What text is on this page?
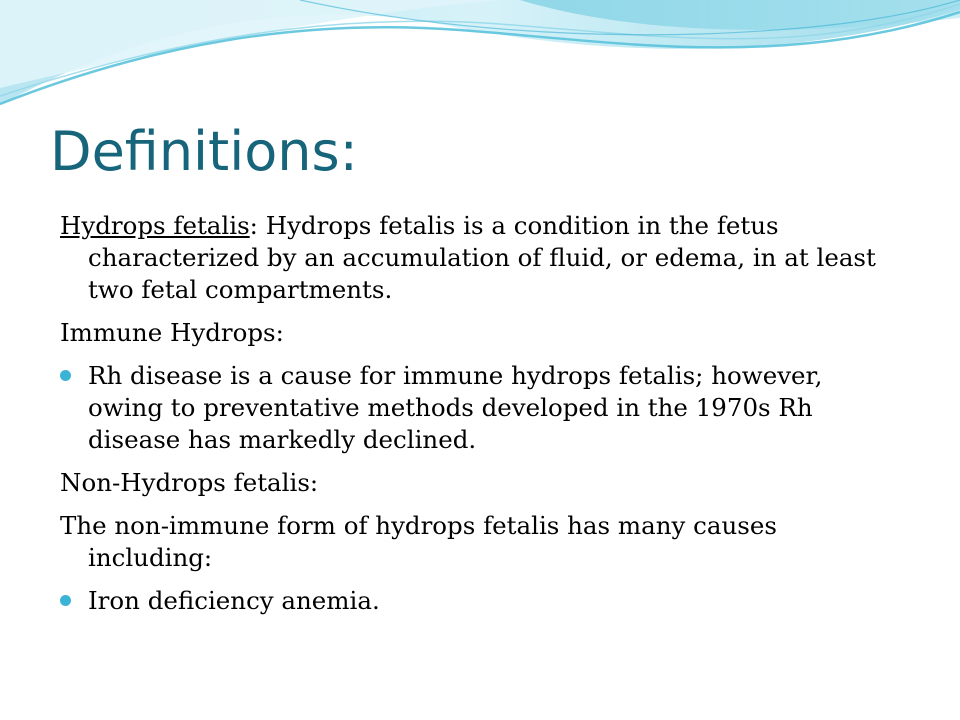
Definitions:

Hydrops fetalis: Hydrops fetalis is a condition in the fetus characterized by an accumulation of fluid, or edema, in at least two fetal compartments.

Immune Hydrops:

Rh disease is a cause for immune hydrops fetalis; however, owing to preventative methods developed in the 1970s Rh disease has markedly declined.

Non-Hydrops fetalis:

The non-immune form of hydrops fetalis has many causes including:

Iron deficiency anemia.
